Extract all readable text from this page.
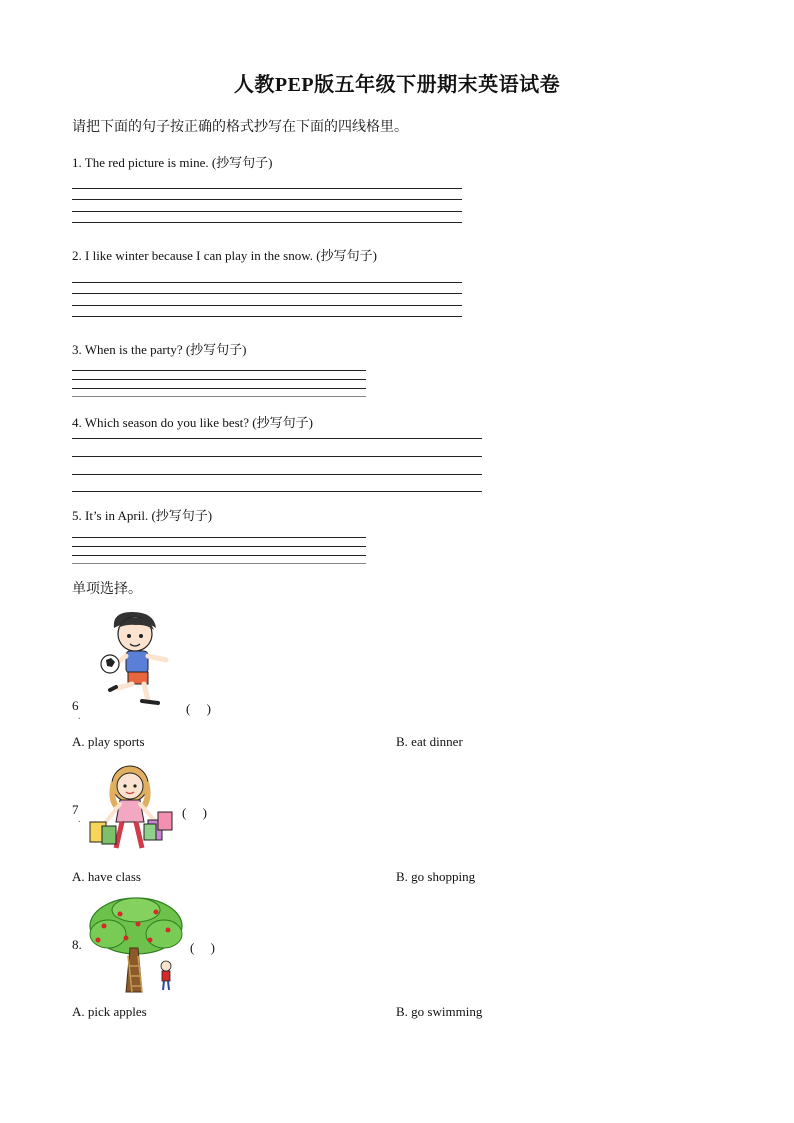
人教PEP版五年级下册期末英语试卷
请把下面的句子按正确的格式抄写在下面的四线格里。
1. The red picture is mine. (抄写句子)
2. I like winter because I can play in the snow. (抄写句子)
3. When is the party? (抄写句子)
4. Which season do you like best? (抄写句子)
5. It’s in April. (抄写句子)
单项选择。
6
.
(　 )
A. play sports	B. eat dinner
7
.	(　 )
A. have class	B. go shopping
8.	(　 )
A. pick apples	B. go swimming
